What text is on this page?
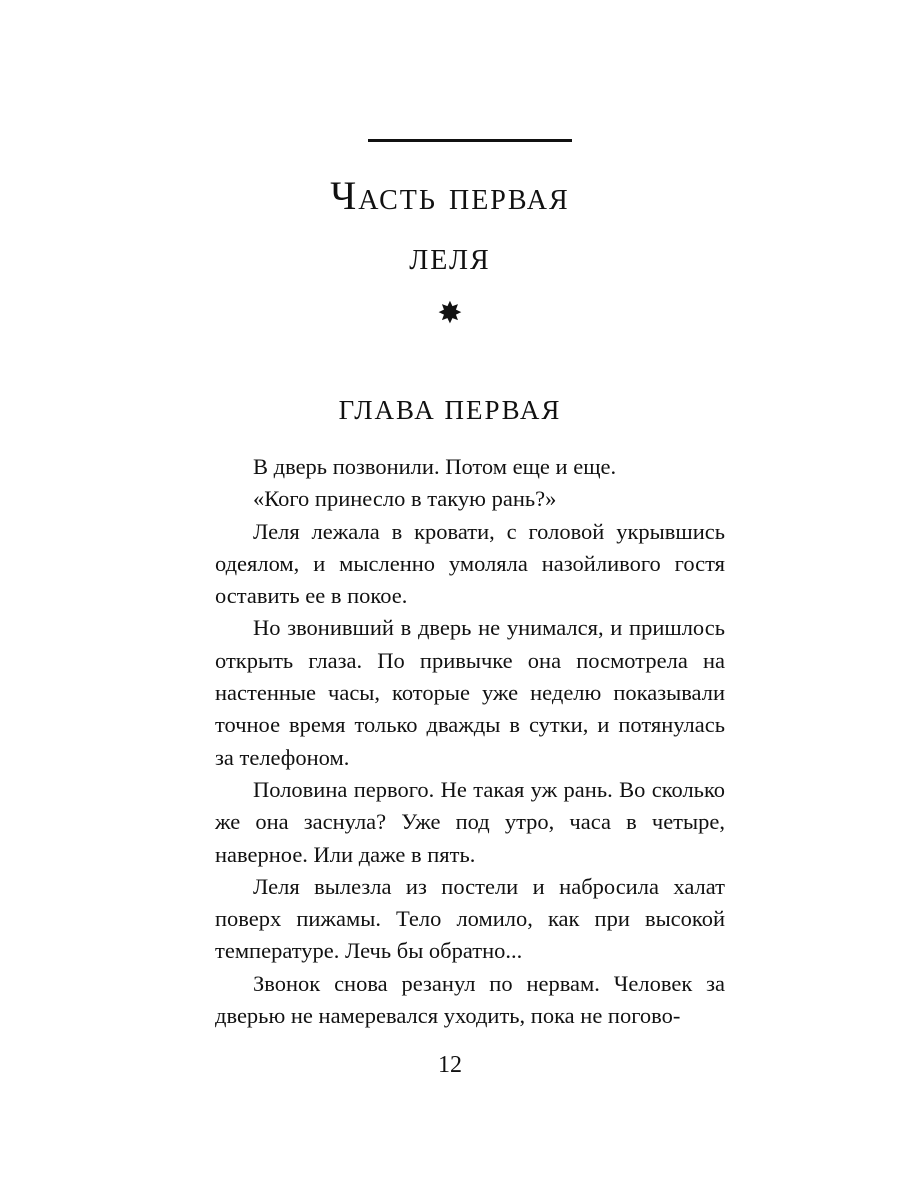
Часть первая
леля
✸
ГЛАВА ПЕРВАЯ

В дверь позвонили. Потом еще и еще.

«Кого принесло в такую рань?»

Леля лежала в кровати, с головой укрывшись одеялом, и мысленно умоляла назойливого гостя оставить ее в покое.

Но звонивший в дверь не унимался, и пришлось открыть глаза. По привычке она посмотрела на настенные часы, которые уже неделю показывали точное время только дважды в сутки, и потянулась за телефоном.

Половина первого. Не такая уж рань. Во сколько же она заснула? Уже под утро, часа в четыре, наверное. Или даже в пять.

Леля вылезла из постели и набросила халат поверх пижамы. Тело ломило, как при высокой температуре. Лечь бы обратно...

Звонок снова резанул по нервам. Человек за дверью не намеревался уходить, пока не погово-

12
